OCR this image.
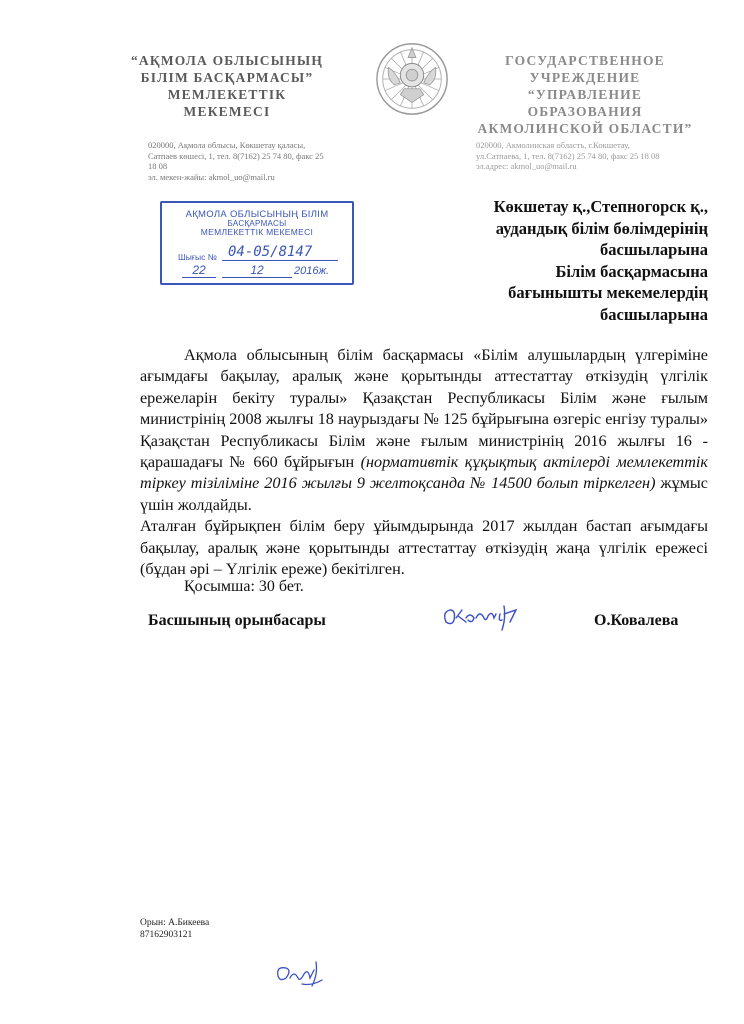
“АҚМОЛА ОБЛЫСЫНЫҢ
БІЛІМ БАСҚАРМАСЫ”
МЕМЛЕКЕТТІК
МЕКЕМЕСІ
ГОСУДАРСТВЕННОЕ
УЧРЕЖДЕНИЕ
“УПРАВЛЕНИЕ ОБРАЗОВАНИЯ
АКМОЛИНСКОЙ ОБЛАСТИ”
020000, Ақмола облысы, Көкшетау қаласы,
Сатпаев көшесі, 1, тел. 8(7162) 25 74 80, факс 25 18 08
эл. мекен-жайы: akmol_uo@mail.ru
020000, Акмолинская область, г.Кокшетау,
ул.Сатпаева, 1, тел. 8(7162) 25 74 80, факс 25 18 08
эл.адрес: akmol_uo@mail.ru
АҚМОЛА ОБЛЫСЫНЫҢ БІЛІМ
БАСҚАРМАСЫ
МЕМЛЕКЕТТІК МЕКЕМЕСІ
Шығыс № 04-05/8147
22	12	2016ж.
Көкшетау қ.,Степногорск қ.,
аудандық білім бөлімдерінің
басшыларына
Білім басқармасына
бағынышты мекемелердің
басшыларына

Ақмола облысының білім басқармасы «Білім алушылардың үлгеріміне ағымдағы бақылау, аралық және қорытынды аттестаттау өткізудің үлгілік ережеларін бекіту туралы» Қазақстан Республикасы Білім және ғылым министрінің 2008 жылғы 18 наурыздағы № 125 бұйрығына өзгеріс енгізу туралы» Қазақстан Республикасы Білім және ғылым министрінің 2016 жылғы 16 - қарашадағы № 660 бұйрығын (нормативтік құқықтық актілерді мемлекеттік тіркеу тізіліміне 2016 жылғы 9 желтоқсанда № 14500 болып тіркелген) жұмыс үшін жолдайды.

Аталған бұйрықпен білім беру ұйымдырында 2017 жылдан бастап ағымдағы бақылау, аралық және қорытынды аттестаттау өткізудің жаңа үлгілік ережесі (бұдан әрі – Үлгілік ереже) бекітілген.

Қосымша: 30 бет.
Басшының орынбасары	О.Ковалева
Орын: А.Бикеева
87162903121
